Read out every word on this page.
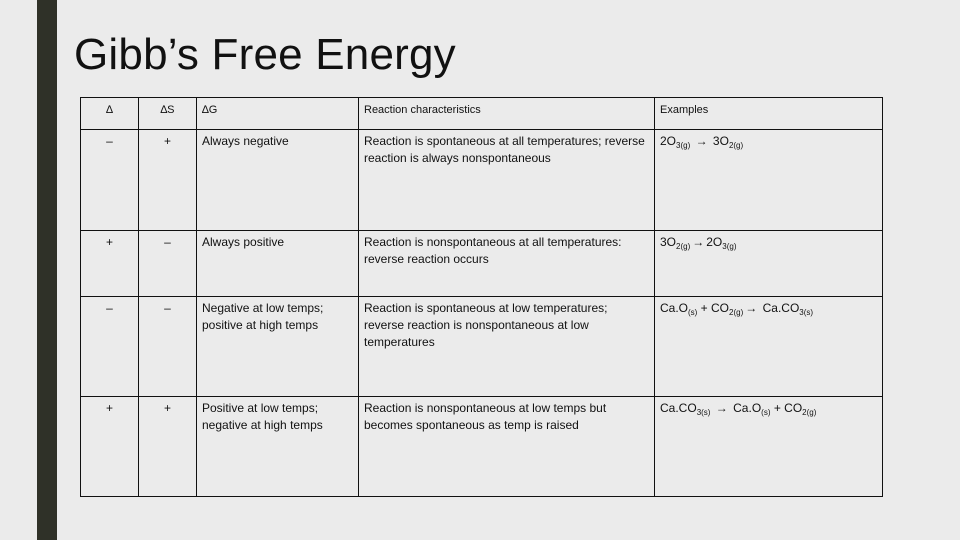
Gibb’s Free Energy
∆	∆S	∆G	Reaction characteristics	Examples
–	+	Always negative	Reaction is spontaneous at all temperatures; reverse reaction is always nonspontaneous	$2O_{3(g)} \to 3O_{2(g)}$
+	–	Always positive	Reaction is nonspontaneous at all temperatures: reverse reaction occurs	$3O_{2(g)} \to 2O_{3(g)}$
–	–	Negative at low temps; positive at high temps	Reaction is spontaneous at low temperatures; reverse reaction is nonspontaneous at low temperatures	$Ca.O_{(s)} + CO_{2(g)} \to Ca.CO_{3(s)}$
+	+	Positive at low temps; negative at high temps	Reaction is nonspontaneous at low temps but becomes spontaneous as temp is raised	$Ca.CO_{3(s)} \to Ca.O_{(s)} + CO_{2(g)}$
